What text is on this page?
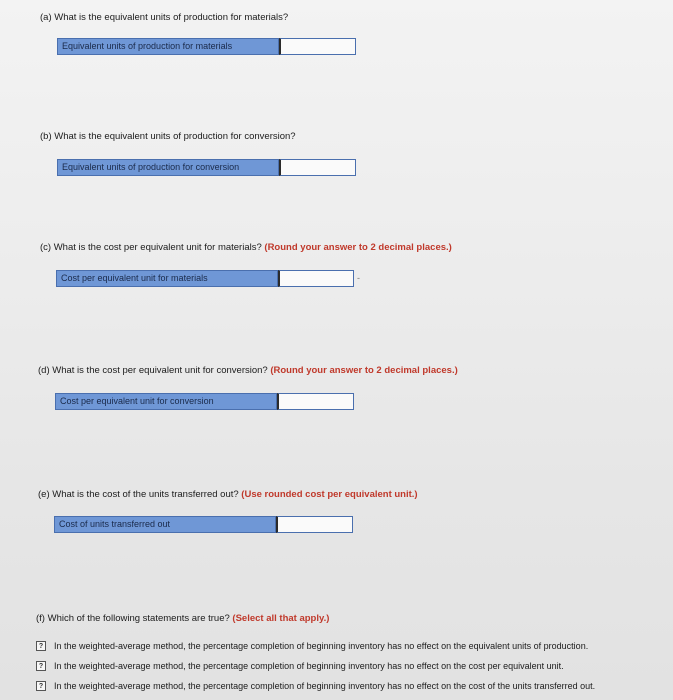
(a) What is the equivalent units of production for materials?
Equivalent units of production for materials
(b) What is the equivalent units of production for conversion?
Equivalent units of production for conversion
(c) What is the cost per equivalent unit for materials? (Round your answer to 2 decimal places.)
Cost per equivalent unit for materials	-
(d) What is the cost per equivalent unit for conversion? (Round your answer to 2 decimal places.)
Cost per equivalent unit for conversion
(e) What is the cost of the units transferred out? (Use rounded cost per equivalent unit.)
Cost of units transferred out
(f) Which of the following statements are true? (Select all that apply.)
?	In the weighted-average method, the percentage completion of beginning inventory has no effect on the equivalent units of production.
?	In the weighted-average method, the percentage completion of beginning inventory has no effect on the cost per equivalent unit.
?	In the weighted-average method, the percentage completion of beginning inventory has no effect on the cost of the units transferred out.
